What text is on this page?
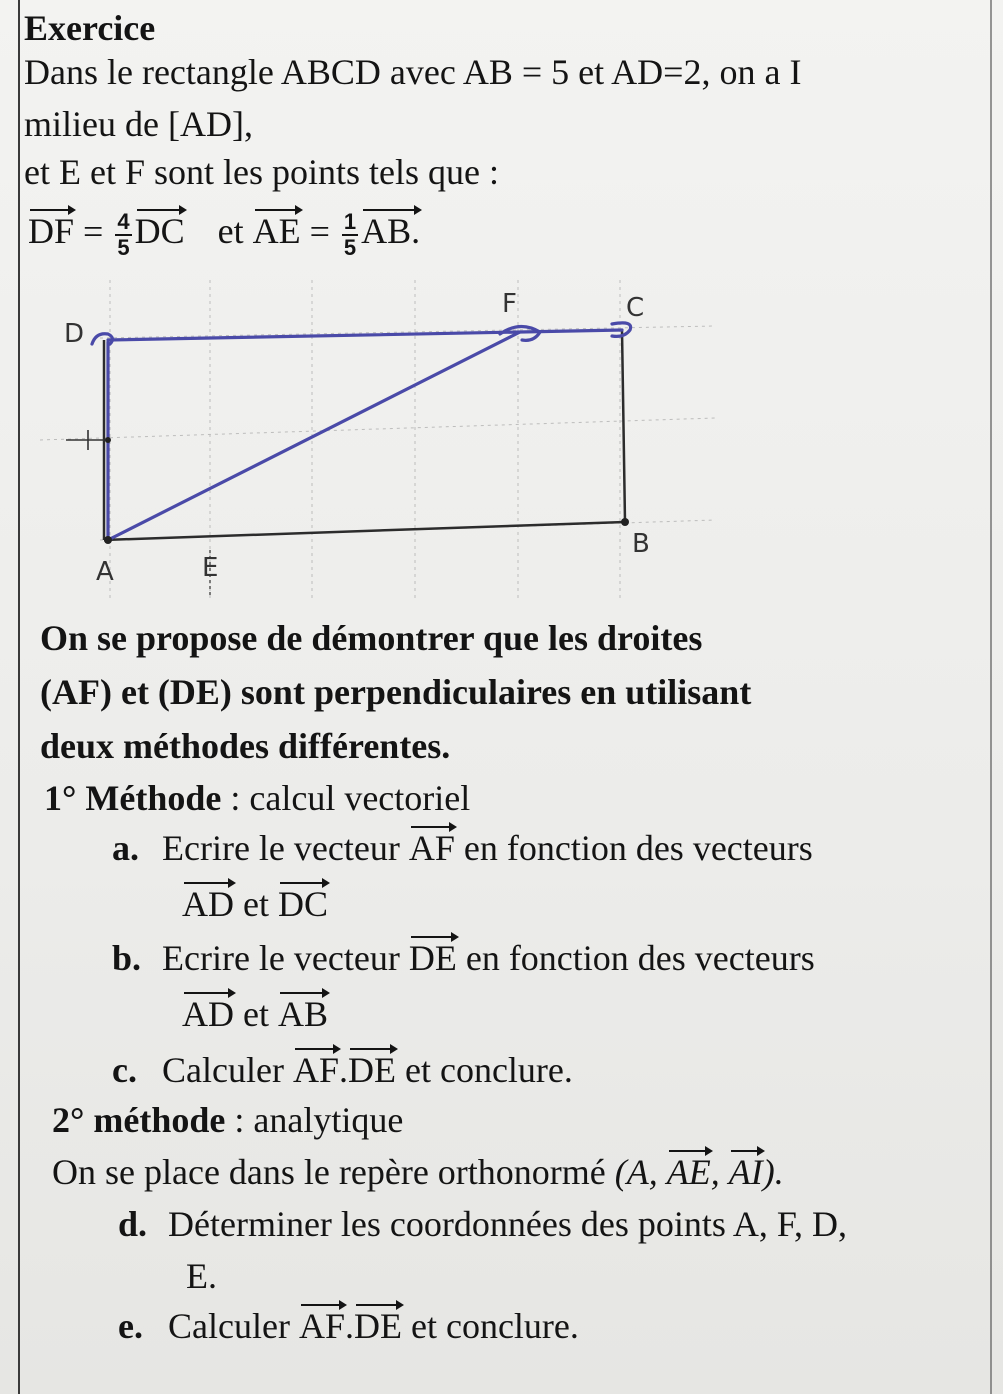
Exercice
Dans le rectangle ABCD avec AB = 5 et AD=2, on a I
milieu de [AD],
et E et F sont les points tels que :
DF = $\frac{4}{5}$ DC et AE = $\frac{1}{5}$ AB.
D
F	C
A	E
B
On se propose de démontrer que les droites
(AF) et (DE) sont perpendiculaires en utilisant
deux méthodes différentes.
1° Méthode : calcul vectoriel
a. Ecrire le vecteur AF en fonction des vecteurs
AD et DC
b. Ecrire le vecteur DE en fonction des vecteurs
AD et AB
c. Calculer AF.DE et conclure.
2° méthode : analytique
On se place dans le repère orthonormé (A, AE, AI).
d. Déterminer les coordonnées des points A, F, D,
E.
e. Calculer AF.DE et conclure.
